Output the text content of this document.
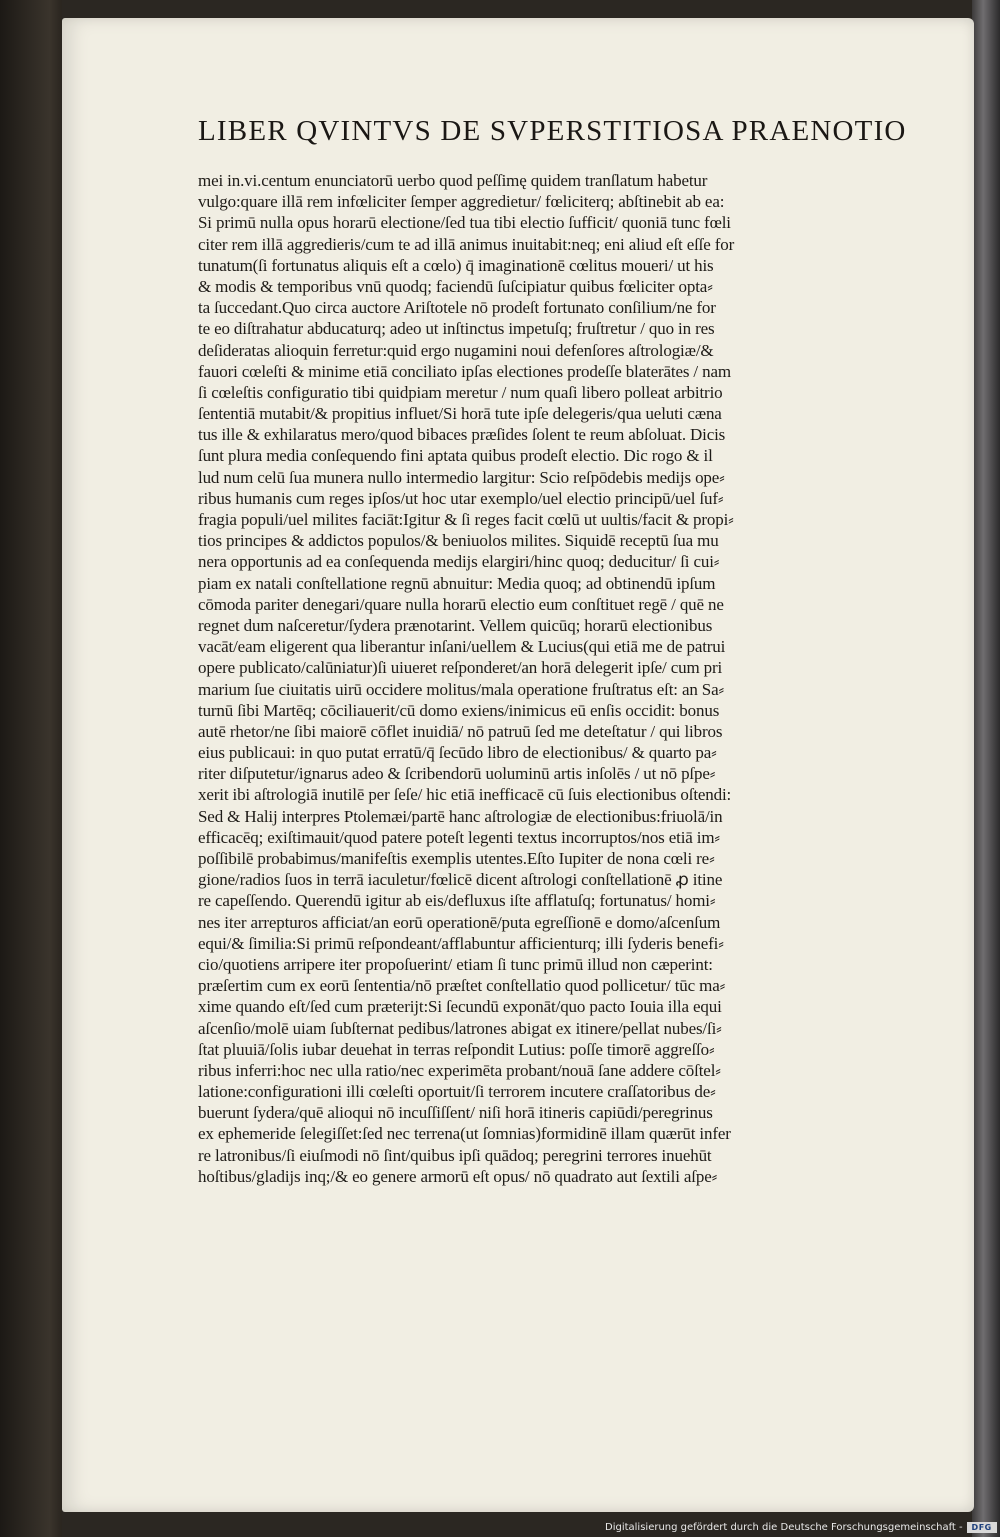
LIBER QVINTVS DE SVPERSTITIOSA PRAENOTIO
mei in.vi.centum enunciatorū uerbo quod peſſimę quidem tranſlatum habetur
vulgo:quare illā rem infœliciter ſemper aggredietur/ fœliciterq; abſtinebit ab ea:
Si primū nulla opus horarū electione/ſed tua tibi electio ſufficit/ quoniā tunc fœli
citer rem illā aggredieris/cum te ad illā animus inuitabit:neq; eni aliud eſt eſſe for
tunatum(ſi fortunatus aliquis eſt a cœlo) q̄ imaginationē cœlitus moueri/ ut his
& modis & temporibus vnū quodq; faciendū ſuſcipiatur quibus fœliciter opta⸗
ta ſuccedant.Quo circa auctore Ariſtotele nō prodeſt fortunato conſilium/ne for
te eo diſtrahatur abducaturq; adeo ut inſtinctus impetuſq; fruſtretur / quo in res
deſideratas alioquin ferretur:quid ergo nugamini noui defenſores aſtrologiæ/&
fauori cœleſti & minime etiā conciliato ipſas electiones prodeſſe blaterātes / nam
ſi cœleſtis configuratio tibi quidpiam meretur / num quaſi libero polleat arbitrio
ſententiā mutabit/& propitius influet/Si horā tute ipſe delegeris/qua ueluti cæna
tus ille & exhilaratus mero/quod bibaces præſides ſolent te reum abſoluat. Dicis
ſunt plura media conſequendo fini aptata quibus prodeſt electio. Dic rogo & il
lud num celū ſua munera nullo intermedio largitur: Scio reſpōdebis medijs ope⸗
ribus humanis cum reges ipſos/ut hoc utar exemplo/uel electio principū/uel ſuf⸗
fragia populi/uel milites faciāt:Igitur & ſi reges facit cœlū ut uultis/facit & propi⸗
tios principes & addictos populos/& beniuolos milites. Siquidē receptū ſua mu
nera opportunis ad ea conſequenda medijs elargiri/hinc quoq; deducitur/ ſi cui⸗
piam ex natali conſtellatione regnū abnuitur: Media quoq; ad obtinendū ipſum
cōmoda pariter denegari/quare nulla horarū electio eum conſtituet regē / quē ne
regnet dum naſceretur/ſydera prænotarint. Vellem quicūq; horarū electionibus
vacāt/eam eligerent qua liberantur inſani/uellem & Lucius(qui etiā me de patrui
opere publicato/calūniatur)ſi uiueret reſponderet/an horā delegerit ipſe/ cum pri
marium ſue ciuitatis uirū occidere molitus/mala operatione fruſtratus eſt: an Sa⸗
turnū ſibi Martēq; cōciliauerit/cū domo exiens/inimicus eū enſis occidit: bonus
autē rhetor/ne ſibi maiorē cōflet inuidiā/ nō patruū ſed me deteſtatur / qui libros
eius publicaui: in quo putat erratū/q̄ ſecūdo libro de electionibus/ & quarto pa⸗
riter diſputetur/ignarus adeo & ſcribendorū uoluminū artis inſolēs / ut nō pſpe⸗
xerit ibi aſtrologiā inutilē per ſeſe/ hic etiā inefficacē cū ſuis electionibus oſtendi:
Sed & Halij interpres Ptolemæi/partē hanc aſtrologiæ de electionibus:friuolā/in
efficacēq; exiſtimauit/quod patere poteſt legenti textus incorruptos/nos etiā im⸗
poſſibilē probabimus/manifeſtis exemplis utentes.Eſto Iupiter de nona cœli re⸗
gione/radios ſuos in terrā iaculetur/fœlicē dicent aſtrologi conſtellationē ꝓ itine
re capeſſendo. Querendū igitur ab eis/defluxus iſte afflatuſq; fortunatus/ homi⸗
nes iter arrepturos afficiat/an eorū operationē/puta egreſſionē e domo/aſcenſum
equi/& ſimilia:Si primū reſpondeant/afflabuntur afficienturq; illi ſyderis benefi⸗
cio/quotiens arripere iter propoſuerint/ etiam ſi tunc primū illud non cæperint:
præſertim cum ex eorū ſententia/nō præſtet conſtellatio quod pollicetur/ tūc ma⸗
xime quando eſt/ſed cum præterijt:Si ſecundū exponāt/quo pacto Iouia illa equi
aſcenſio/molē uiam ſubſternat pedibus/latrones abigat ex itinere/pellat nubes/ſi⸗
ſtat pluuiā/ſolis iubar deuehat in terras reſpondit Lutius: poſſe timorē aggreſſo⸗
ribus inferri:hoc nec ulla ratio/nec experimēta probant/nouā ſane addere cōſtel⸗
latione:configurationi illi cœleſti oportuit/ſi terrorem incutere craſſatoribus de⸗
buerunt ſydera/quē alioqui nō incuſſiſſent/ niſi horā itineris capiūdi/peregrinus
ex ephemeride ſelegiſſet:ſed nec terrena(ut ſomnias)formidinē illam quærūt infer
re latronibus/ſi eiuſmodi nō ſint/quibus ipſi quādoq; peregrini terrores inuehūt
hoſtibus/gladijs inq;/& eo genere armorū eſt opus/ nō quadrato aut ſextili aſpe⸗
Digitalisierung gefördert durch die Deutsche Forschungsgemeinschaft -	DFG
